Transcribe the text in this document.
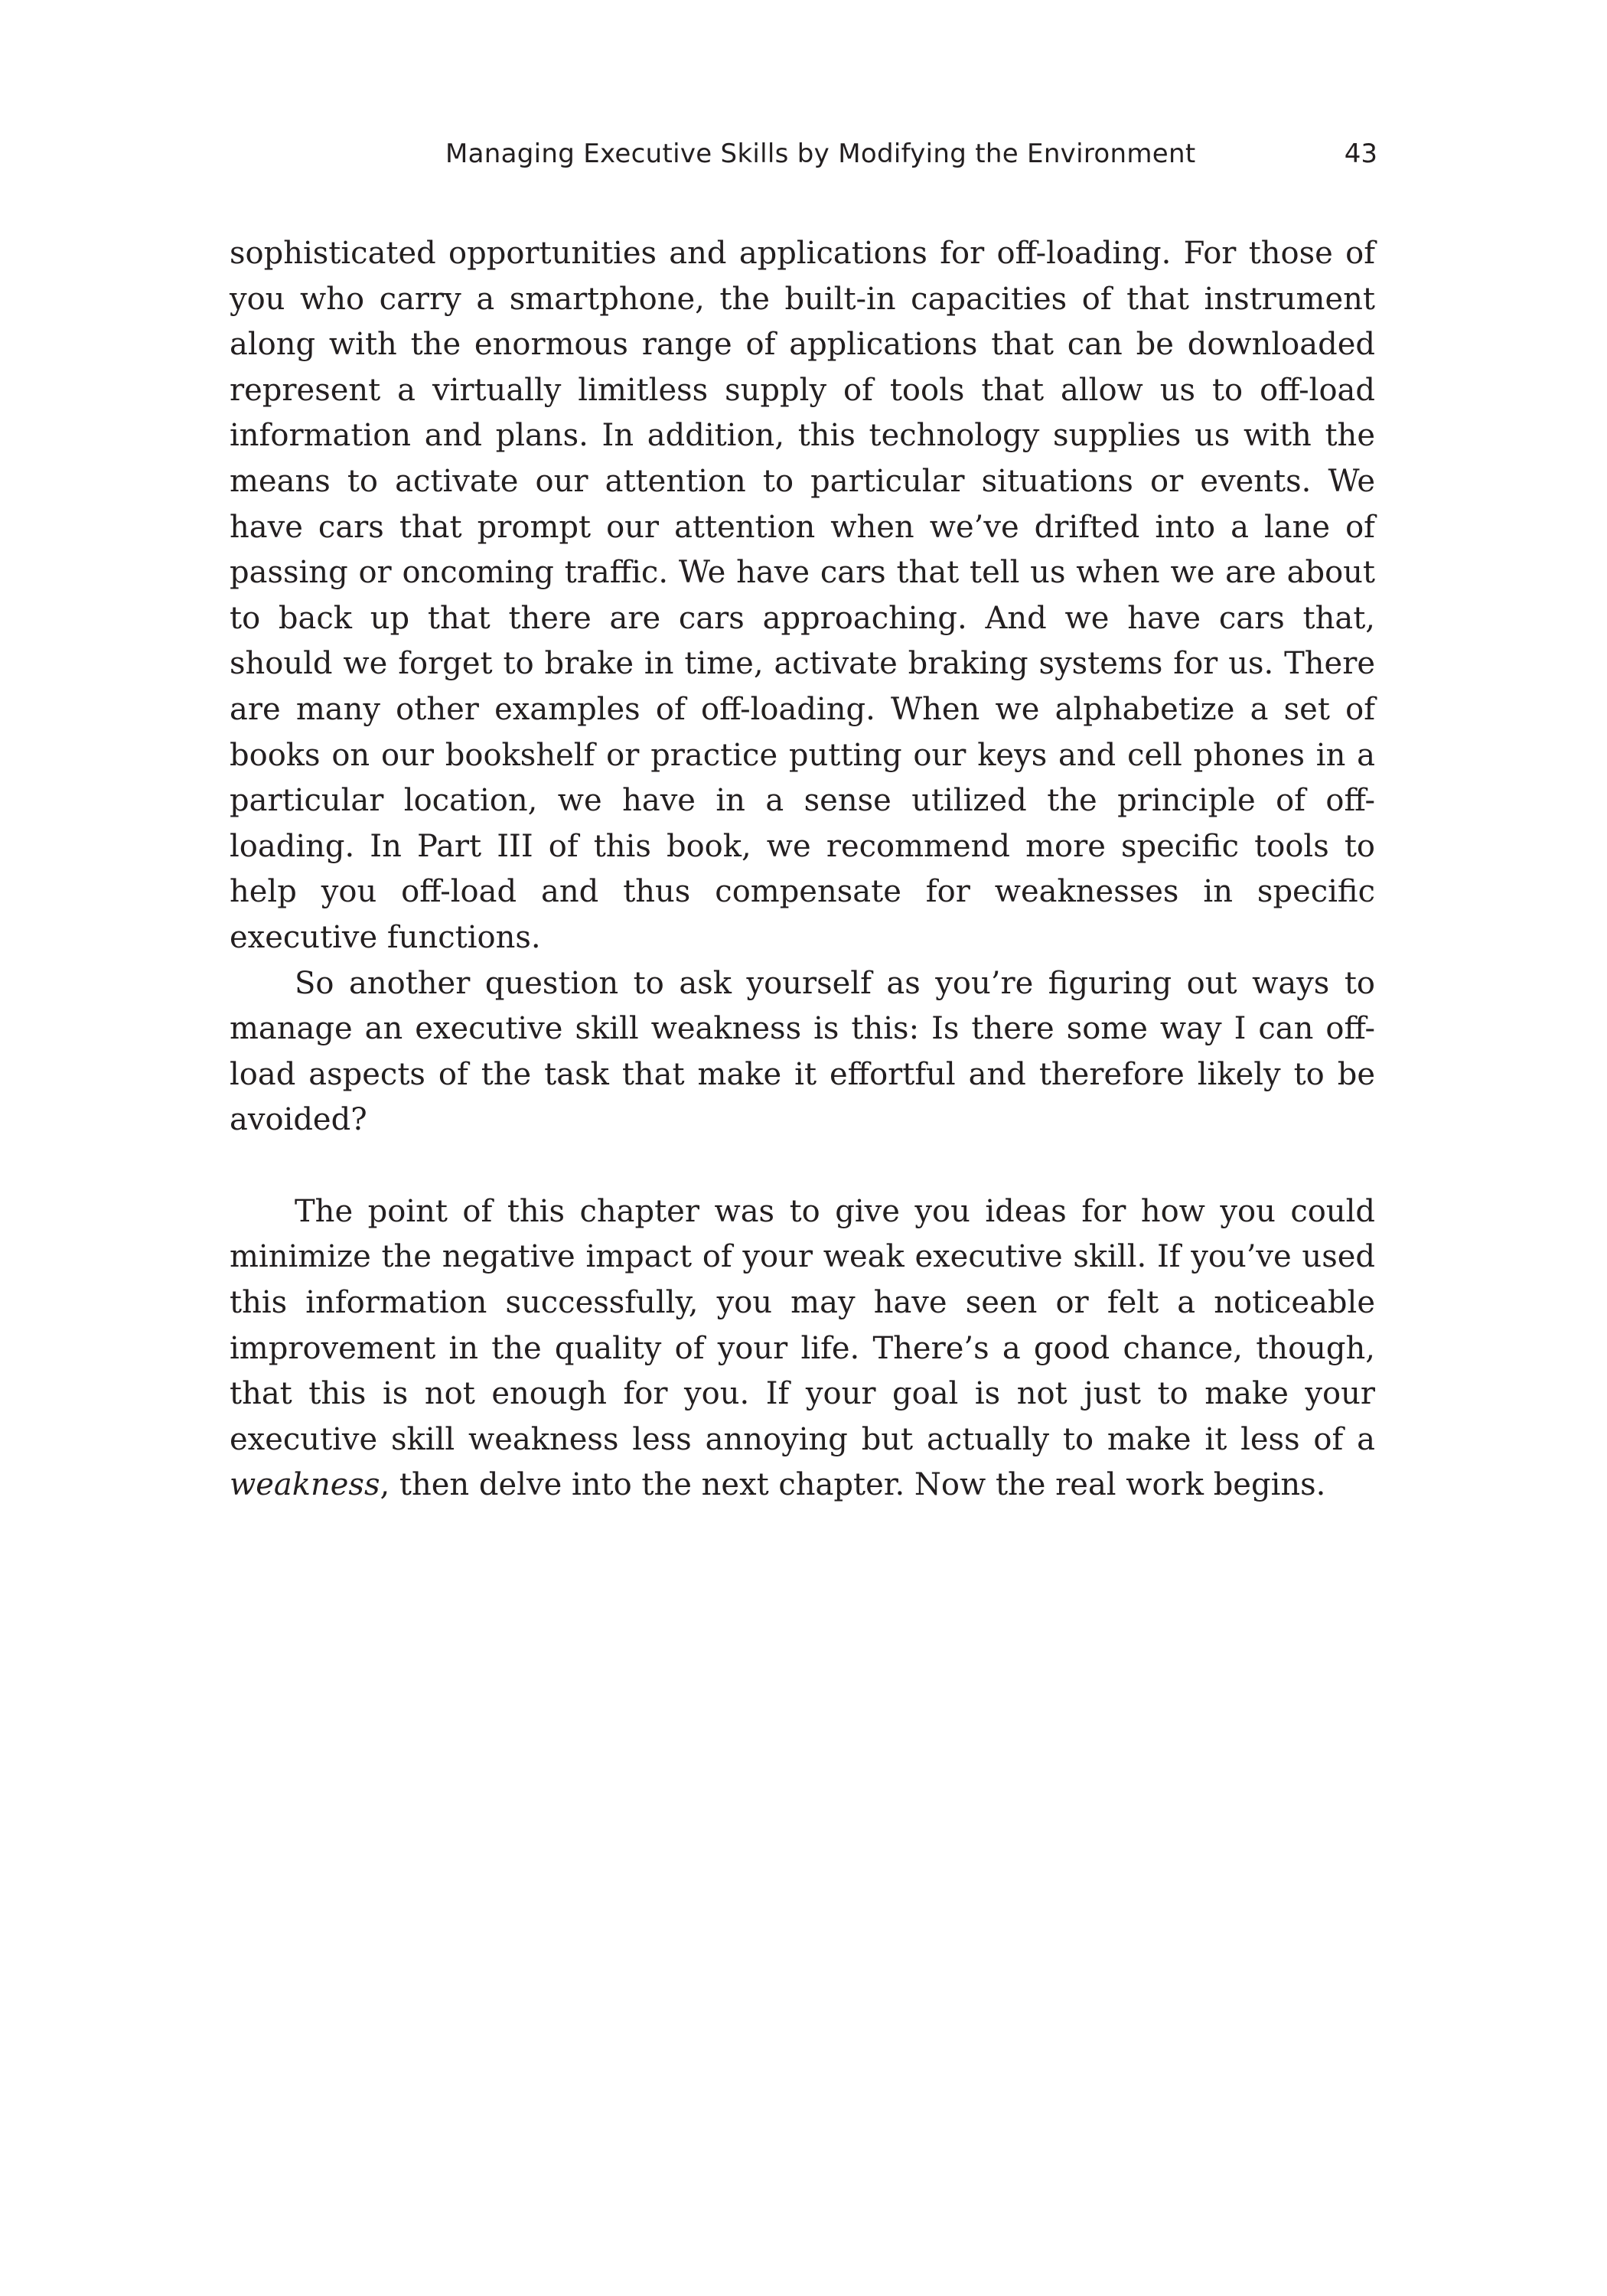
Managing Executive Skills by Modifying the Environment	43

sophisticated opportunities and applications for off-loading. For those of you who carry a smartphone, the built-in capacities of that instrument along with the enormous range of applications that can be downloaded represent a virtually limitless supply of tools that allow us to off-load information and plans. In addition, this technology supplies us with the means to activate our attention to particular situations or events. We have cars that prompt our attention when we’ve drifted into a lane of passing or oncoming traffic. We have cars that tell us when we are about to back up that there are cars approaching. And we have cars that, should we forget to brake in time, activate braking systems for us. There are many other examples of off-loading. When we alphabetize a set of books on our bookshelf or practice putting our keys and cell phones in a particular location, we have in a sense utilized the principle of off-loading. In Part III of this book, we recommend more specific tools to help you off-load and thus compensate for weaknesses in specific executive functions.

So another question to ask yourself as you’re figuring out ways to manage an executive skill weakness is this: Is there some way I can off-load aspects of the task that make it effortful and therefore likely to be avoided?

The point of this chapter was to give you ideas for how you could minimize the negative impact of your weak executive skill. If you’ve used this information successfully, you may have seen or felt a noticeable improvement in the quality of your life. There’s a good chance, though, that this is not enough for you. If your goal is not just to make your executive skill weakness less annoying but actually to make it less of a weakness, then delve into the next chapter. Now the real work begins.
